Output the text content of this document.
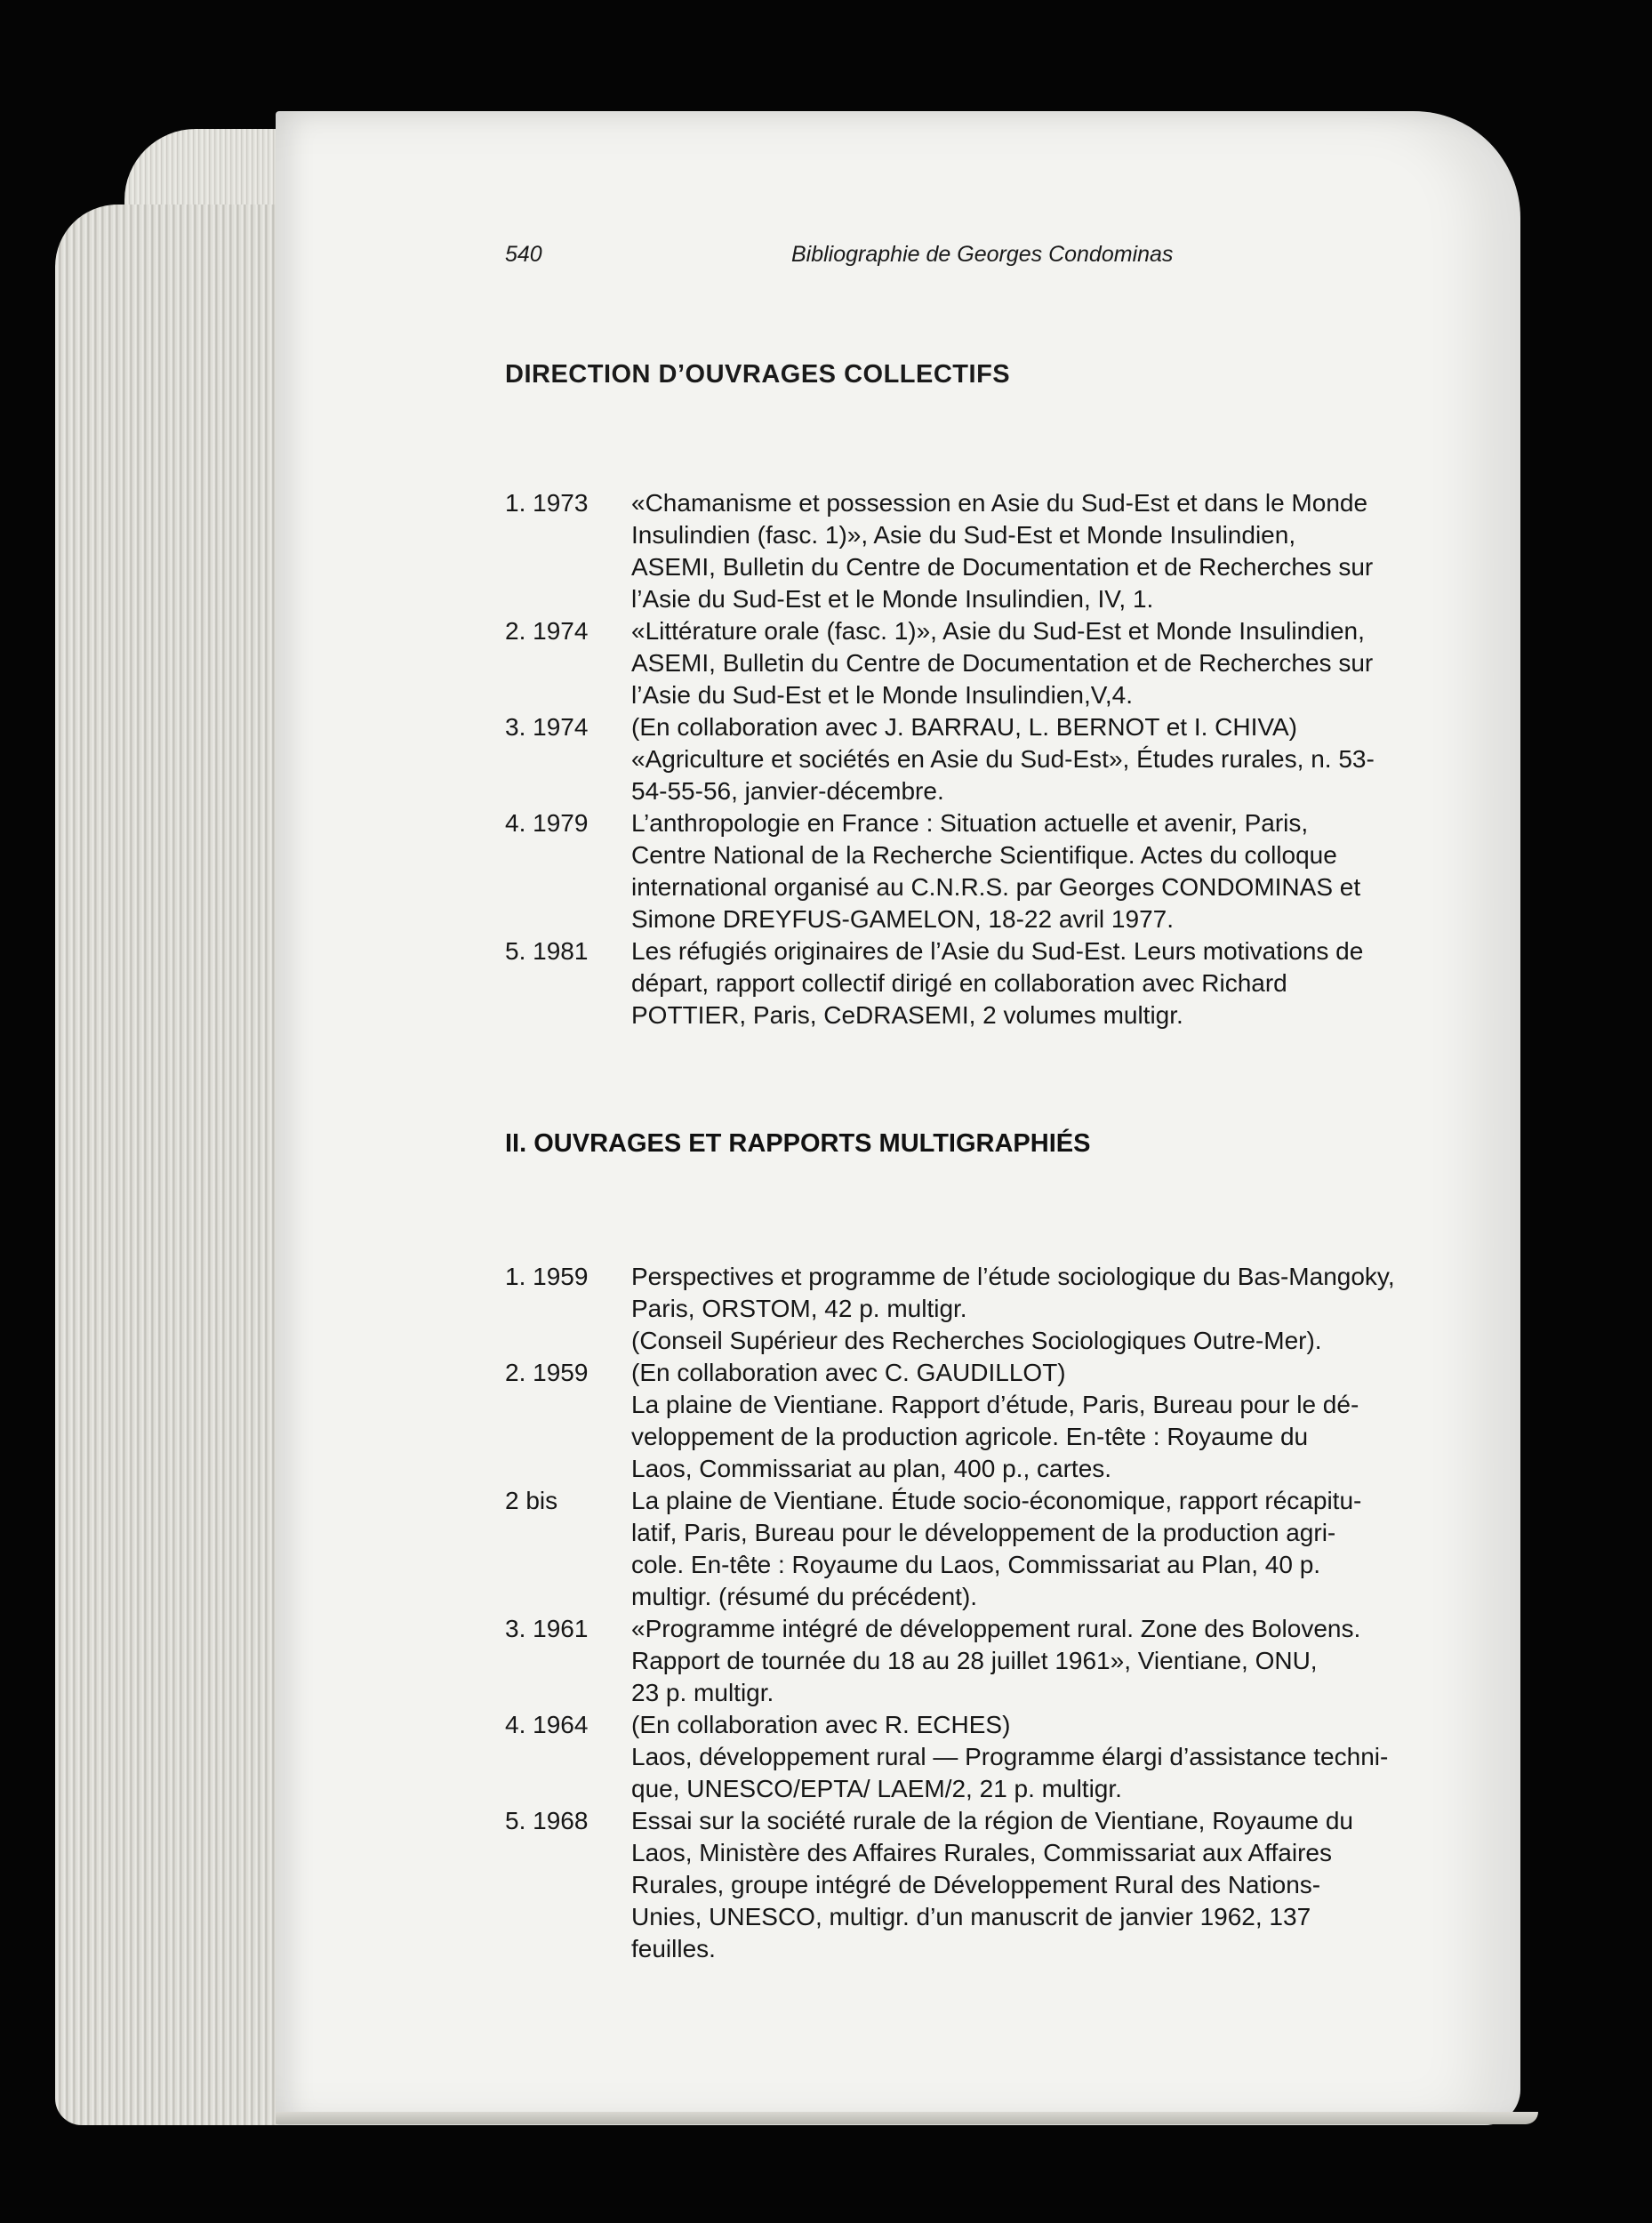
540	Bibliographie de Georges Condominas
DIRECTION D’OUVRAGES COLLECTIFS
1. 1973	«Chamanisme et possession en Asie du Sud-Est et dans le Monde
Insulindien (fasc. 1)», Asie du Sud-Est et Monde Insulindien,
ASEMI, Bulletin du Centre de Documentation et de Recherches sur
l’Asie du Sud-Est et le Monde Insulindien, IV, 1.
2. 1974	«Littérature orale (fasc. 1)», Asie du Sud-Est et Monde Insulindien,
ASEMI, Bulletin du Centre de Documentation et de Recherches sur
l’Asie du Sud-Est et le Monde Insulindien,V,4.
3. 1974	(En collaboration avec J. BARRAU, L. BERNOT et I. CHIVA)
«Agriculture et sociétés en Asie du Sud-Est», Études rurales, n. 53-
54-55-56, janvier-décembre.
4. 1979	L’anthropologie en France : Situation actuelle et avenir, Paris,
Centre National de la Recherche Scientifique. Actes du colloque
international organisé au C.N.R.S. par Georges CONDOMINAS et
Simone DREYFUS-GAMELON, 18-22 avril 1977.
5. 1981	Les réfugiés originaires de l’Asie du Sud-Est. Leurs motivations de
départ, rapport collectif dirigé en collaboration avec Richard
POTTIER, Paris, CeDRASEMI, 2 volumes multigr.
II. OUVRAGES ET RAPPORTS MULTIGRAPHIÉS
1. 1959	Perspectives et programme de l’étude sociologique du Bas-Mangoky,
Paris, ORSTOM, 42 p. multigr.
(Conseil Supérieur des Recherches Sociologiques Outre-Mer).
2. 1959	(En collaboration avec C. GAUDILLOT)
La plaine de Vientiane. Rapport d’étude, Paris, Bureau pour le dé-
veloppement de la production agricole. En-tête : Royaume du
Laos, Commissariat au plan, 400 p., cartes.
2 bis	La plaine de Vientiane. Étude socio-économique, rapport récapitu-
latif, Paris, Bureau pour le développement de la production agri-
cole. En-tête : Royaume du Laos, Commissariat au Plan, 40 p.
multigr. (résumé du précédent).
3. 1961	«Programme intégré de développement rural. Zone des Bolovens.
Rapport de tournée du 18 au 28 juillet 1961», Vientiane, ONU,
23 p. multigr.
4. 1964	(En collaboration avec R. ECHES)
Laos, développement rural — Programme élargi d’assistance techni-
que, UNESCO/EPTA/ LAEM/2, 21 p. multigr.
5. 1968	Essai sur la société rurale de la région de Vientiane, Royaume du
Laos, Ministère des Affaires Rurales, Commissariat aux Affaires
Rurales, groupe intégré de Développement Rural des Nations-
Unies, UNESCO, multigr. d’un manuscrit de janvier 1962, 137
feuilles.
